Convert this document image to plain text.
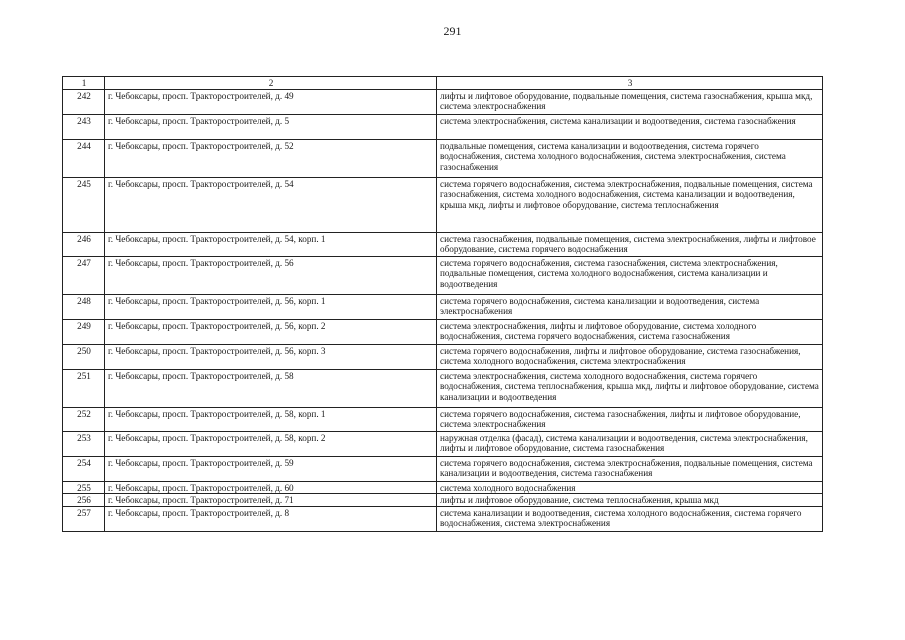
291
1	2	3
242	г. Чебоксары, просп. Тракторостроителей, д. 49	лифты и лифтовое оборудование, подвальные помещения, система газоснабжения, крыша мкд, система электроснабжения
243	г. Чебоксары, просп. Тракторостроителей, д. 5	система электроснабжения, система канализации и водоотведения, система газоснабжения
244	г. Чебоксары, просп. Тракторостроителей, д. 52	подвальные помещения, система канализации и водоотведения, система горячего водоснабжения, система холодного водоснабжения, система электроснабжения, система газоснабжения
245	г. Чебоксары, просп. Тракторостроителей, д. 54	система горячего водоснабжения, система электроснабжения, подвальные помещения, система газоснабжения, система холодного водоснабжения, система канализации и водоотведения, крыша мкд, лифты и лифтовое оборудование, система теплоснабжения
246	г. Чебоксары, просп. Тракторостроителей, д. 54, корп. 1	система газоснабжения, подвальные помещения, система электроснабжения, лифты и лифтовое оборудование, система горячего водоснабжения
247	г. Чебоксары, просп. Тракторостроителей, д. 56	система горячего водоснабжения, система газоснабжения, система электроснабжения, подвальные помещения, система холодного водоснабжения, система канализации и водоотведения
248	г. Чебоксары, просп. Тракторостроителей, д. 56, корп. 1	система горячего водоснабжения, система канализации и водоотведения, система электроснабжения
249	г. Чебоксары, просп. Тракторостроителей, д. 56, корп. 2	система электроснабжения, лифты и лифтовое оборудование, система холодного водоснабжения, система горячего водоснабжения, система газоснабжения
250	г. Чебоксары, просп. Тракторостроителей, д. 56, корп. 3	система горячего водоснабжения, лифты и лифтовое оборудование, система газоснабжения, система холодного водоснабжения, система электроснабжения
251	г. Чебоксары, просп. Тракторостроителей, д. 58	система электроснабжения, система холодного водоснабжения, система горячего водоснабжения, система теплоснабжения, крыша мкд, лифты и лифтовое оборудование, система канализации и водоотведения
252	г. Чебоксары, просп. Тракторостроителей, д. 58, корп. 1	система горячего водоснабжения, система газоснабжения, лифты и лифтовое оборудование, система электроснабжения
253	г. Чебоксары, просп. Тракторостроителей, д. 58, корп. 2	наружная отделка (фасад), система канализации и водоотведения, система электроснабжения, лифты и лифтовое оборудование, система газоснабжения
254	г. Чебоксары, просп. Тракторостроителей, д. 59	система горячего водоснабжения, система электроснабжения, подвальные помещения, система канализации и водоотведения, система газоснабжения
255	г. Чебоксары, просп. Тракторостроителей, д. 60	система холодного водоснабжения
256	г. Чебоксары, просп. Тракторостроителей, д. 71	лифты и лифтовое оборудование, система теплоснабжения, крыша мкд
257	г. Чебоксары, просп. Тракторостроителей, д. 8	система канализации и водоотведения, система холодного водоснабжения, система горячего водоснабжения, система электроснабжения
